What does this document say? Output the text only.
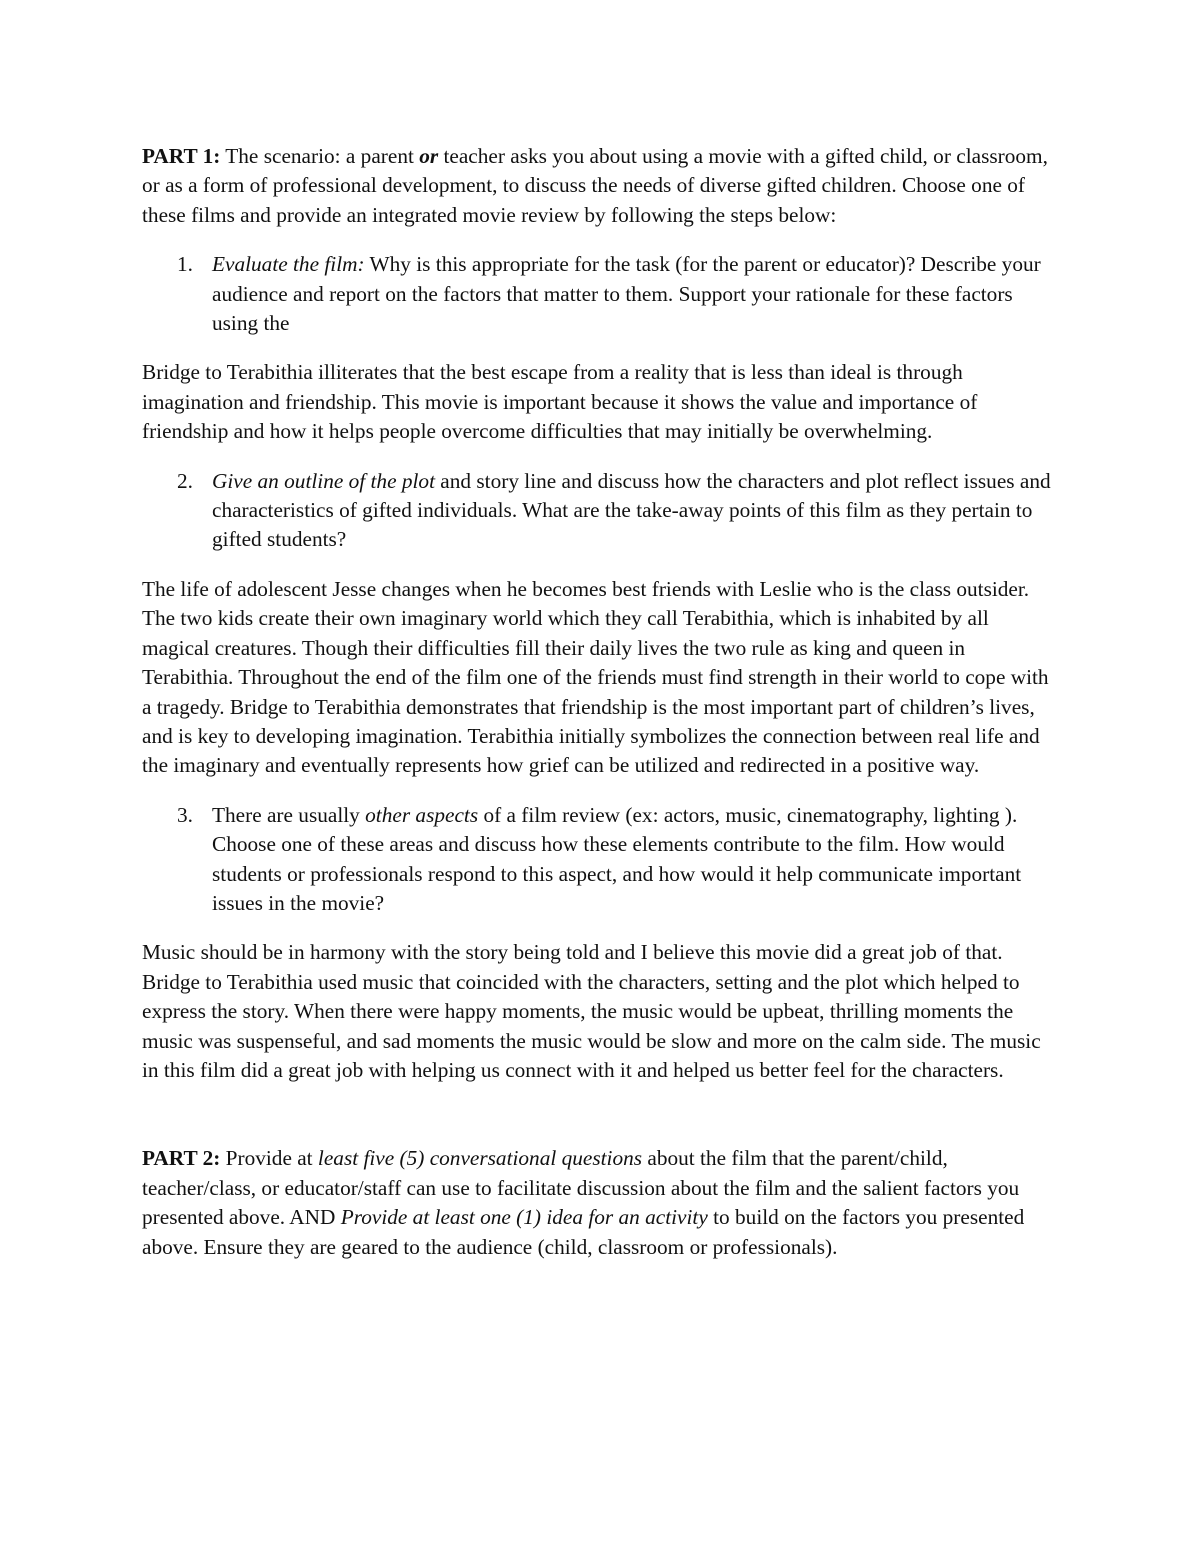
PART 1: The scenario: a parent or teacher asks you about using a movie with a gifted child, or classroom, or as a form of professional development, to discuss the needs of diverse gifted children. Choose one of these films and provide an integrated movie review by following the steps below:

1. Evaluate the film: Why is this appropriate for the task (for the parent or educator)? Describe your audience and report on the factors that matter to them. Support your rationale for these factors using the

Bridge to Terabithia illiterates that the best escape from a reality that is less than ideal is through imagination and friendship. This movie is important because it shows the value and importance of friendship and how it helps people overcome difficulties that may initially be overwhelming.

2. Give an outline of the plot and story line and discuss how the characters and plot reflect issues and characteristics of gifted individuals. What are the take-away points of this film as they pertain to gifted students?

The life of adolescent Jesse changes when he becomes best friends with Leslie who is the class outsider. The two kids create their own imaginary world which they call Terabithia, which is inhabited by all magical creatures. Though their difficulties fill their daily lives the two rule as king and queen in Terabithia. Throughout the end of the film one of the friends must find strength in their world to cope with a tragedy. Bridge to Terabithia demonstrates that friendship is the most important part of children’s lives, and is key to developing imagination. Terabithia initially symbolizes the connection between real life and the imaginary and eventually represents how grief can be utilized and redirected in a positive way.

3. There are usually other aspects of a film review (ex: actors, music, cinematography, lighting ). Choose one of these areas and discuss how these elements contribute to the film. How would students or professionals respond to this aspect, and how would it help communicate important issues in the movie?

Music should be in harmony with the story being told and I believe this movie did a great job of that. Bridge to Terabithia used music that coincided with the characters, setting and the plot which helped to express the story. When there were happy moments, the music would be upbeat, thrilling moments the music was suspenseful, and sad moments the music would be slow and more on the calm side. The music in this film did a great job with helping us connect with it and helped us better feel for the characters.

PART 2: Provide at least five (5) conversational questions about the film that the parent/child, teacher/class, or educator/staff can use to facilitate discussion about the film and the salient factors you presented above. AND Provide at least one (1) idea for an activity to build on the factors you presented above. Ensure they are geared to the audience (child, classroom or professionals).
